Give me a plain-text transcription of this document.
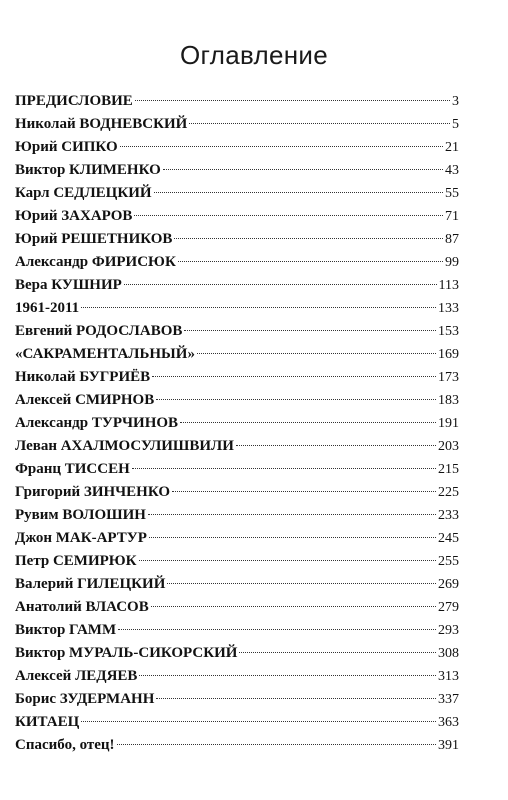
Оглавление
ПРЕДИСЛОВИЕ	3
Николай ВОДНЕВСКИЙ	5
Юрий СИПКО	21
Виктор КЛИМЕНКО	43
Карл СЕДЛЕЦКИЙ	55
Юрий ЗАХАРОВ	71
Юрий РЕШЕТНИКОВ	87
Александр ФИРИСЮК	99
Вера КУШНИР	113
1961-2011	133
Евгений РОДОСЛАВОВ	153
«САКРАМЕНТАЛЬНЫЙ»	169
Николай БУГРИЁВ	173
Алексей СМИРНОВ	183
Александр ТУРЧИНОВ	191
Леван АХАЛМОСУЛИШВИЛИ	203
Франц ТИССЕН	215
Григорий ЗИНЧЕНКО	225
Рувим ВОЛОШИН	233
Джон МАК-АРТУР	245
Петр СЕМИРЮК	255
Валерий ГИЛЕЦКИЙ	269
Анатолий ВЛАСОВ	279
Виктор ГАММ	293
Виктор МУРАЛЬ-СИКОРСКИЙ	308
Алексей ЛЕДЯЕВ	313
Борис ЗУДЕРМАНН	337
КИТАЕЦ	363
Спасибо, отец!	391
